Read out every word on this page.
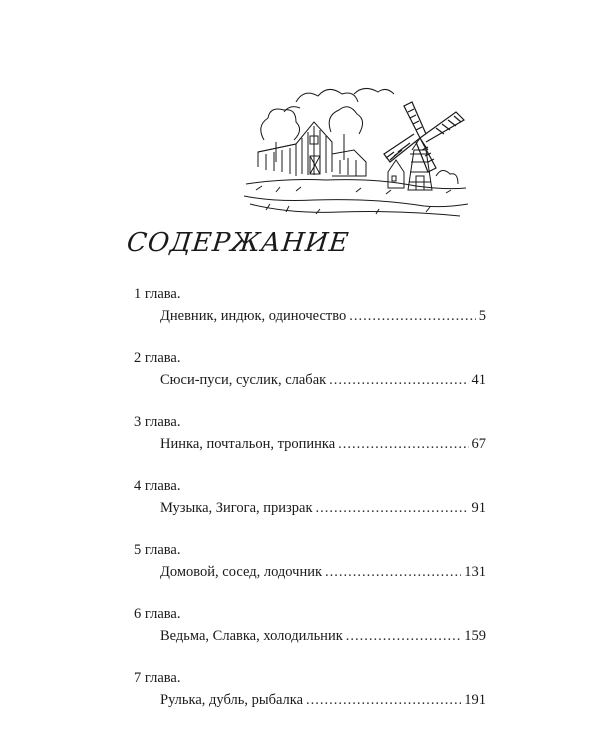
СОДЕРЖАНИЕ
1 глава.
Дневник, индюк, одиночество .....	5
2 глава.
Сюси-пуси, суслик, слабак .....	41
3 глава.
Нинка, почтальон, тропинка .....	67
4 глава.
Музыка, Зигога, призрак .....	91
5 глава.
Домовой, сосед, лодочник .....	131
6 глава.
Ведьма, Славка, холодильник .....	159
7 глава.
Рулька, дубль, рыбалка .....	191
